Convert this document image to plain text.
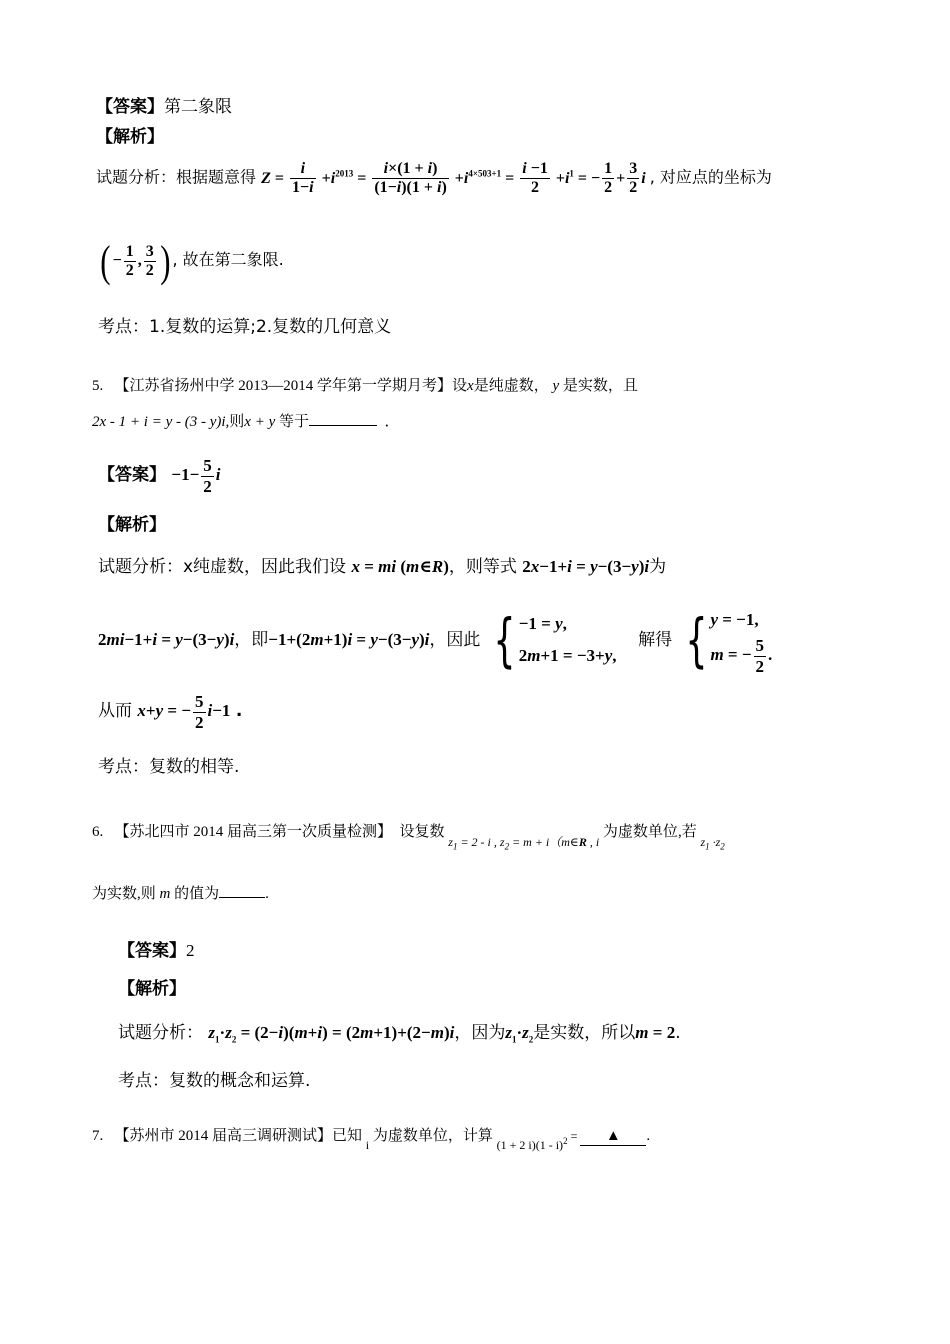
【答案】第二象限
【解析】
试题分析：根据题意得 $Z = \frac{i}{1-i} +i^{2013} = \frac{i\times(1 + i)}{(1-i)(1 + i)} +i^{4\times 503+1} = \frac{i -1}{2} +i^1$ = − $\frac{1}{2} + \frac{3}{2}$ i , 对应点的坐标为
( − $\frac{1}{2}$ , $\frac{3}{2}$ ) , 故在第二象限.
考点：1.复数的运算;2.复数的几何意义
5. 【江苏省扬州中学 2013—2014 学年第一学期月考】设x是纯虚数， y 是实数，且
2x - 1 + i = y - (3 - y)i,则x + y 等于	．
【答案】 $-1- \frac{5}{2}$ i
【解析】
试题分析：x纯虚数，因此我们设 x = mi (m∈R)，则等式 2x−1+i = y−(3−y)i为
2mi−1+i = y−(3−y)i，即−1+(2m+1)i = y−(3−y)i，因此 { −1 = y,
2m+1 = −3+y,
解得 { y = −1,
m = − $\frac{5}{2}$ .
从而 x+y = − $\frac{5}{2} i-1$ .
考点：复数的相等.
6. 【苏北四市 2014 届高三第一次质量检测】 设复数 $_{z_1 = 2 - i , z_2 = m + i(m\in R , i}$ 为虚数单位,若 $_{z_1 \cdot z_2}$
为实数,则 m 的值为	.
【答案】2
【解析】
试题分析： $z_1\cdot z_2 = (2-i)(m+i) = (2m+1)+(2-m)i$，因为$z_1\cdot z_2$是实数，所以m = 2.
考点：复数的概念和运算.
7. 【苏州市 2014 届高三调研测试】已知 $_i$ 为虚数单位，计算 $_{(1 + 2 i)(1 - i)^2}$ = ▲ .
